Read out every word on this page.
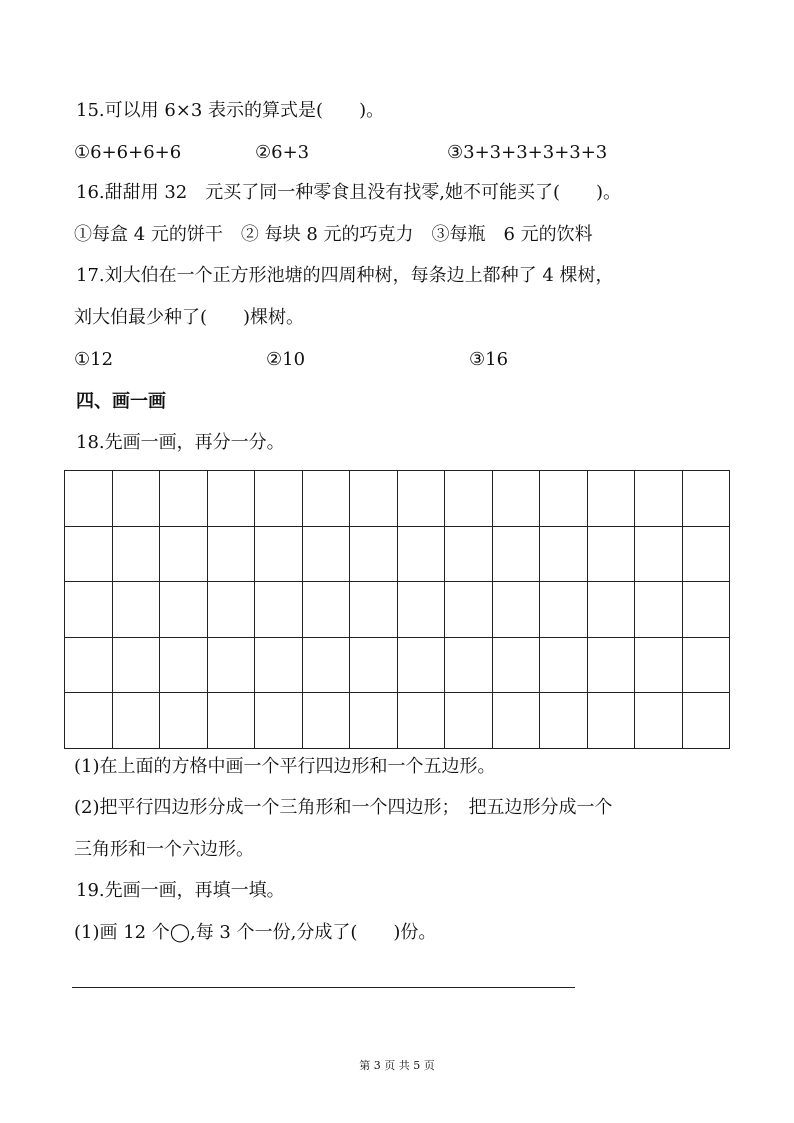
15.可以用 6×3 表示的算式是(　　)。
①6+6+6+6	②6+3	③3+3+3+3+3+3
16.甜甜用 32　元买了同一种零食且没有找零,她不可能买了(　　)。
①每盒 4 元的饼干　② 每块 8 元的巧克力　③每瓶　6 元的饮料
17.刘大伯在一个正方形池塘的四周种树，每条边上都种了 4 棵树，
刘大伯最少种了(　　)棵树。
①12	②10	③16
四、画一画
18.先画一画，再分一分。
(1)在上面的方格中画一个平行四边形和一个五边形。
(2)把平行四边形分成一个三角形和一个四边形；　把五边形分成一个
三角形和一个六边形。
19.先画一画，再填一填。
(1)画 12 个◯,每 3 个一份,分成了(　　)份。
第 3 页 共 5 页
